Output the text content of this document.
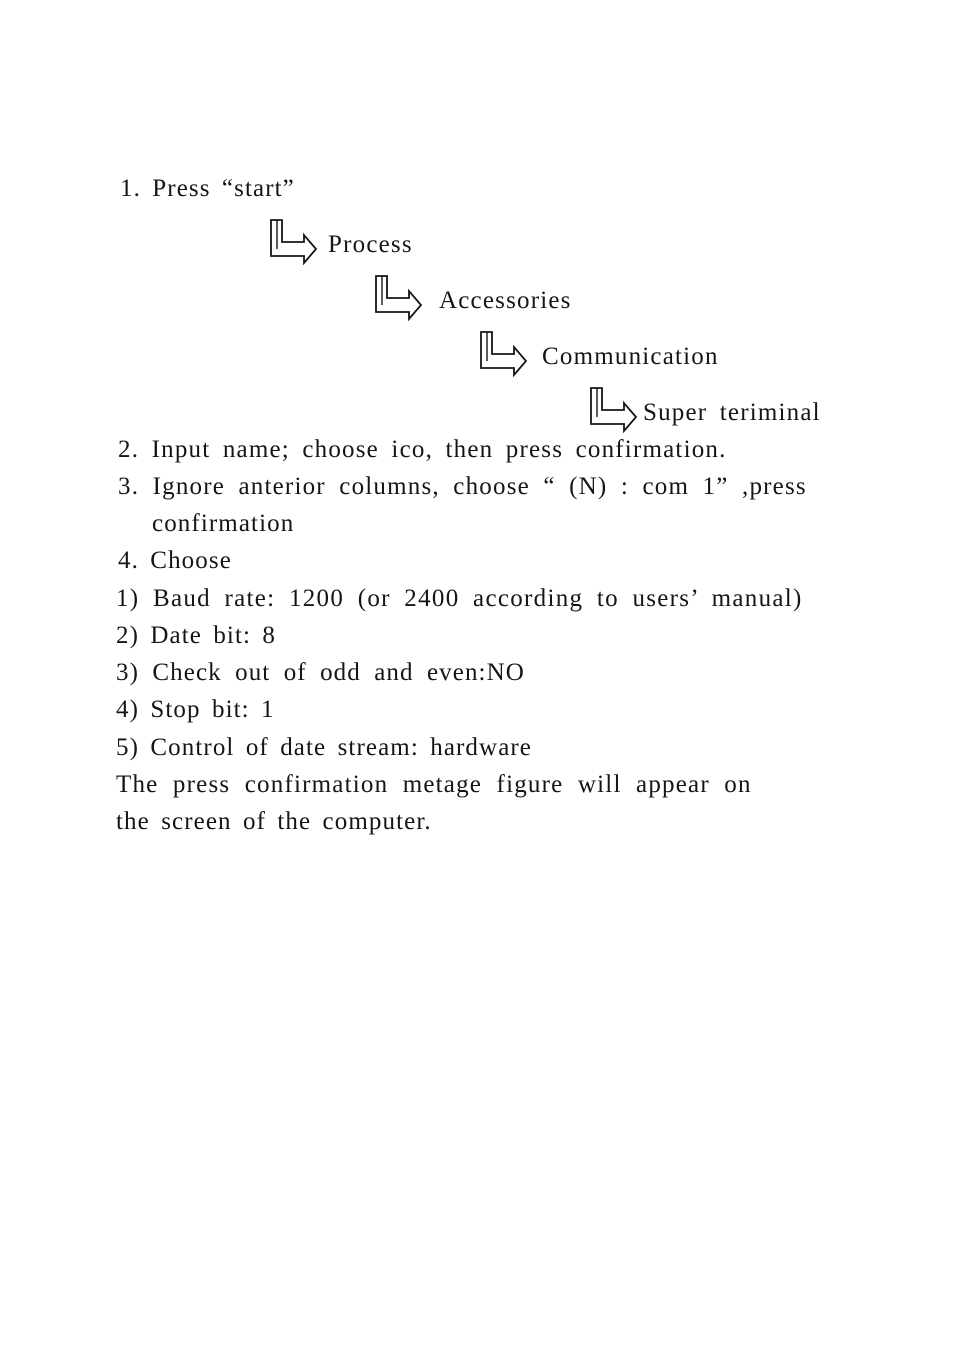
1. Press “start”
Process
Accessories
Communication
Super teriminal
2. Input name; choose ico, then press confirmation.
3. Ignore anterior columns, choose “ (N) : com 1” ,press
confirmation
4. Choose
1) Baud rate: 1200 (or 2400 according to users’ manual)
2) Date bit: 8
3) Check out of odd and even:NO
4) Stop bit: 1
5) Control of date stream: hardware
The press confirmation metage figure will appear on
the screen of the computer.
